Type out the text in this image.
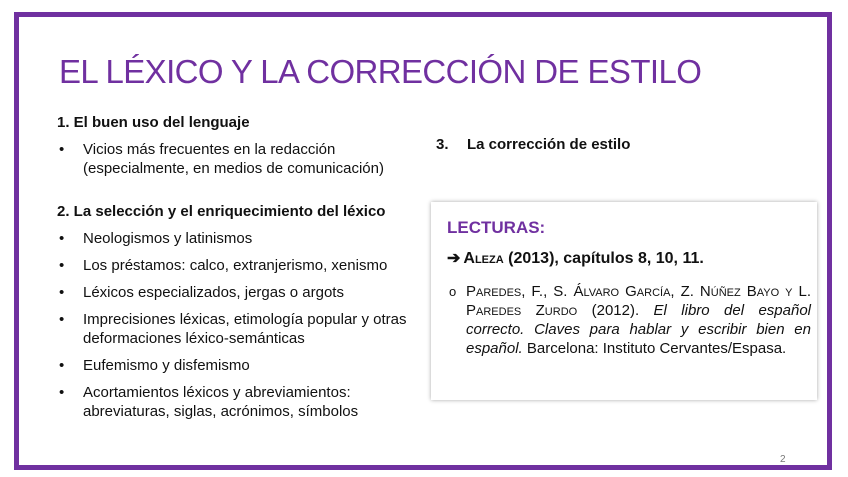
EL LÉXICO Y LA CORRECCIÓN DE ESTILO
1. El buen uso del lenguaje
• Vicios más frecuentes en la redacción (especialmente, en medios de comunicación)
2. La selección y el enriquecimiento del léxico
• Neologismos y latinismos
• Los préstamos: calco, extranjerismo, xenismo
• Léxicos especializados, jergas o argots
• Imprecisiones léxicas, etimología popular y otras deformaciones léxico-semánticas
• Eufemismo y disfemismo
• Acortamientos léxicos y abreviamientos: abreviaturas, siglas, acrónimos, símbolos
3. La corrección de estilo
LECTURAS:
➔ Aleza (2013), capítulos 8, 10, 11.
o Paredes, F., S. Álvaro García, Z. Núñez Bayo y L. Paredes Zurdo (2012). El libro del español correcto. Claves para hablar y escribir bien en español. Barcelona: Instituto Cervantes/Espasa.
2
